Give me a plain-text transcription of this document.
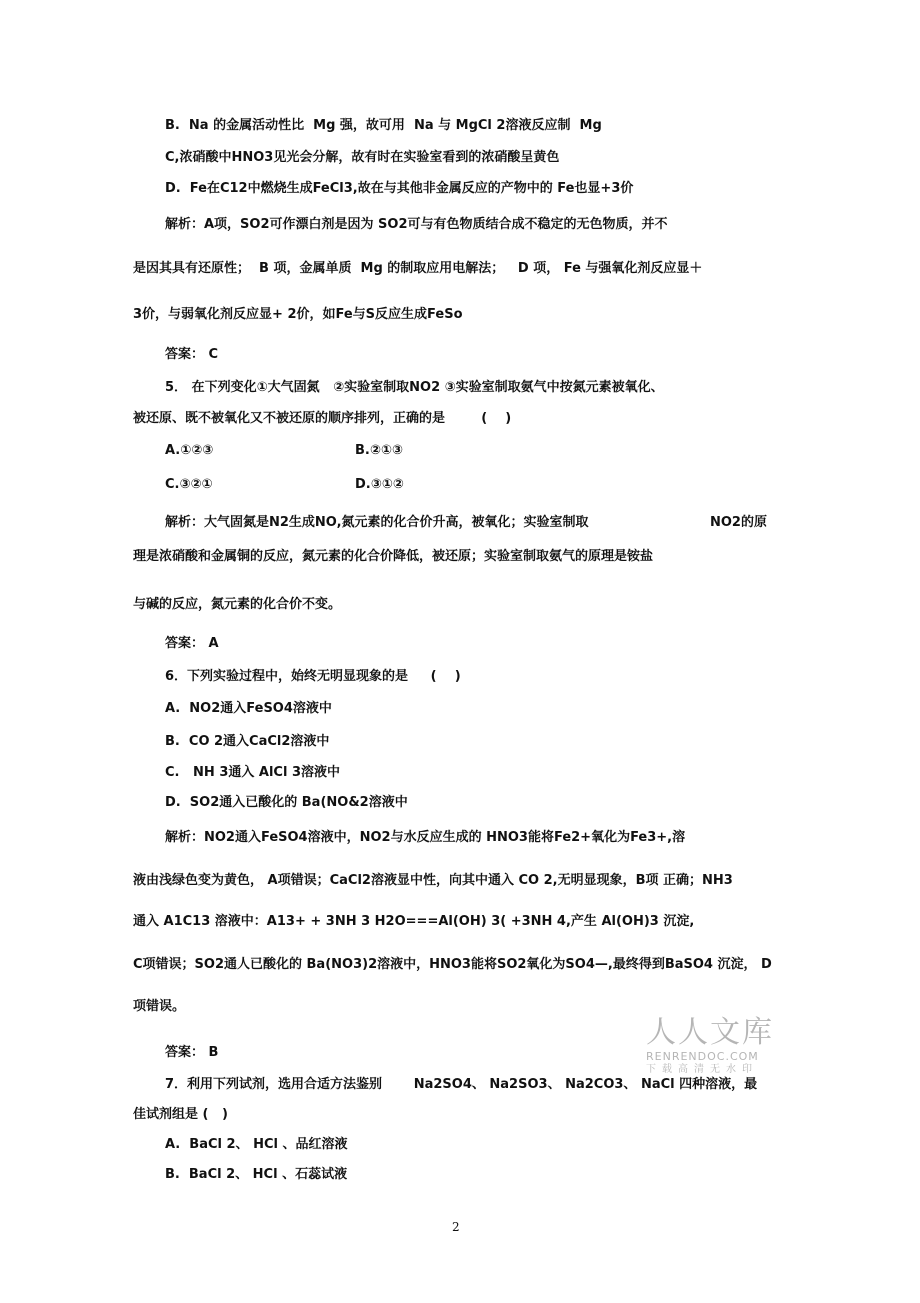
B.  Na 的金属活动性比  Mg 强，故可用  Na 与 MgCl 2溶液反应制  Mg
C,浓硝酸中HNO3见光会分解，故有时在实验室看到的浓硝酸呈黄色
D.  Fe在C12中燃烧生成FeCl3,故在与其他非金属反应的产物中的 Fe也显+3价
解析：A项，SO2可作漂白剂是因为 SO2可与有色物质结合成不稳定的无色物质，并不
是因其具有还原性；  B 项，金属单质  Mg 的制取应用电解法；   D 项， Fe 与强氧化剂反应显＋
3价，与弱氧化剂反应显+ 2价，如Fe与S反应生成FeSo
答案： C
5． 在下列变化①大气固氮   ②实验室制取NO2 ③实验室制取氨气中按氮元素被氧化、
被还原、既不被氧化又不被还原的顺序排列，正确的是        (    )
A.①②③	B.②①③
C.③②①	D.③①②
解析：大气固氮是N2生成NO,氮元素的化合价升高，被氧化；实验室制取	NO2的原
理是浓硝酸和金属铜的反应，氮元素的化合价降低，被还原；实验室制取氨气的原理是铵盐
与碱的反应，氮元素的化合价不变。
答案： A
6．下列实验过程中，始终无明显现象的是     (    )
A.  NO2通入FeSO4溶液中
B.  CO 2通入CaCl2溶液中
C.   NH 3通入 AlCl 3溶液中
D.  SO2通入已酸化的 Ba(NO&2溶液中
解析：NO2通入FeSO4溶液中，NO2与水反应生成的 HNO3能将Fe2+氧化为Fe3+,溶
液由浅绿色变为黄色， A项错误；CaCl2溶液显中性，向其中通入 CO 2,无明显现象，B项 正确；NH3
通入 A1C13 溶液中：A13+ + 3NH 3 H2O===Al(OH) 3( +3NH 4,产生 Al(OH)3 沉淀,
C项错误；SO2通人已酸化的 Ba(NO3)2溶液中，HNO3能将SO2氧化为SO4—,最终得到BaSO4 沉淀， D
项错误。
答案： B
7．利用下列试剂，选用合适方法鉴别       Na2SO4、 Na2SO3、 Na2CO3、 NaCl 四种溶液，最
佳试剂组是 (   )
A.  BaCl 2、 HCl 、品红溶液
B.  BaCl 2、 HCl 、石蕊试液
人人文库
RENRENDOC.COM
下载高清无水印
2
